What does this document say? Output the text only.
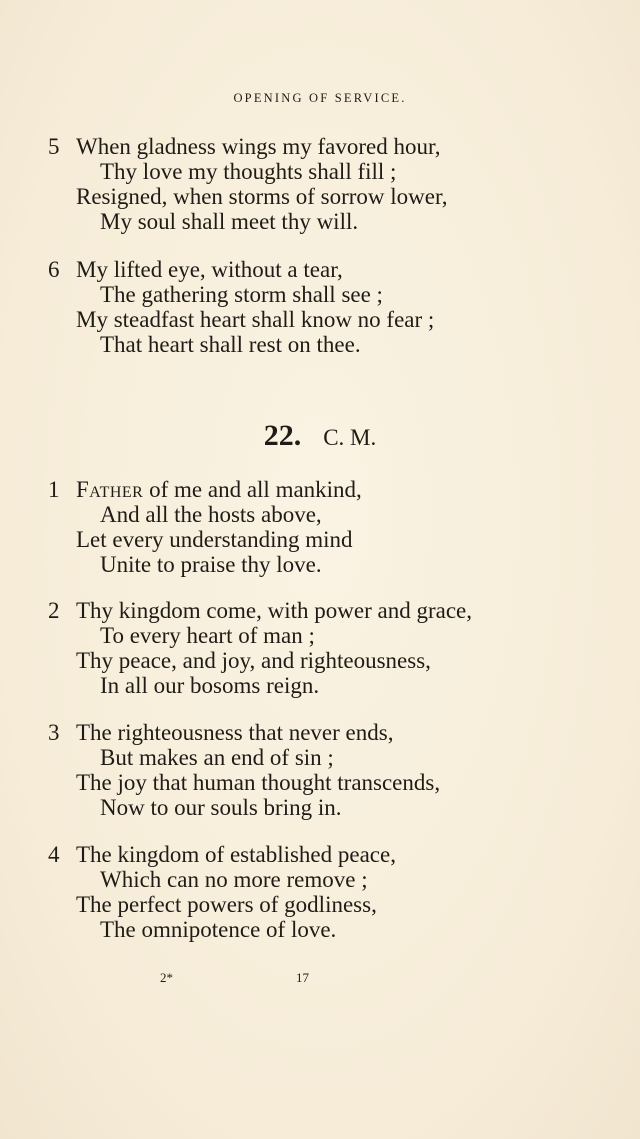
OPENING OF SERVICE.
5 When gladness wings my favored hour,
Thy love my thoughts shall fill ;
Resigned, when storms of sorrow lower,
My soul shall meet thy will.
6 My lifted eye, without a tear,
The gathering storm shall see ;
My steadfast heart shall know no fear ;
That heart shall rest on thee.
22. C. M.
1 Father of me and all mankind,
And all the hosts above,
Let every understanding mind
Unite to praise thy love.
2 Thy kingdom come, with power and grace,
To every heart of man ;
Thy peace, and joy, and righteousness,
In all our bosoms reign.
3 The righteousness that never ends,
But makes an end of sin ;
The joy that human thought transcends,
Now to our souls bring in.
4 The kingdom of established peace,
Which can no more remove ;
The perfect powers of godliness,
The omnipotence of love.
2*	17
